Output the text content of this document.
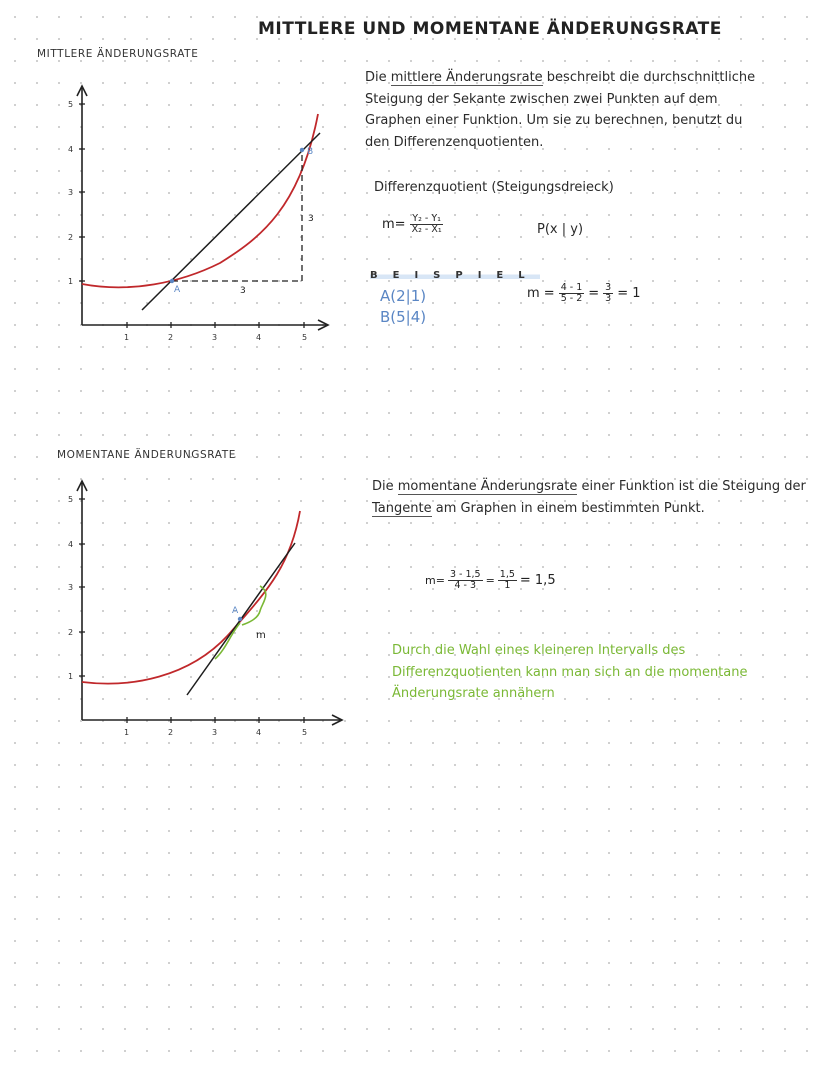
MITTLERE UND MOMENTANE ÄNDERUNGSRATE
MITTLERE ÄNDERUNGSRATE
5
4
3
2
1
1	2	3	4	5
A
B
3
3
Die mittlere Änderungsrate beschreibt die durchschnittliche Steigung der Sekante zwischen zwei Punkten auf dem Graphen einer Funktion. Um sie zu berechnen, benutzt du den Differenzenquotienten.
Differenzquotient (Steigungsdreieck)
$m= \frac{\text{Y₂ - Y₁}}{\text{X₂ - X₁}}$	P(x | y)
BEISPIEL
A(2|1)
B(5|4)
$m = \frac{4 - 1}{5 - 2} = \frac{3}{3} = 1$
MOMENTANE ÄNDERUNGSRATE
5
4
3
2
1
1	2	3	4	5
A
m
Die momentane Änderungsrate einer Funktion ist die Steigung der Tangente am Graphen in einem bestimmten Punkt.
$m= \frac{3 - 1,5}{4 - 3} = \frac{1,5}{1} = 1,5$
Durch die Wahl eines kleineren Intervalls des Differenzquotienten kann man sich an die momentane Änderungsrate annähern
